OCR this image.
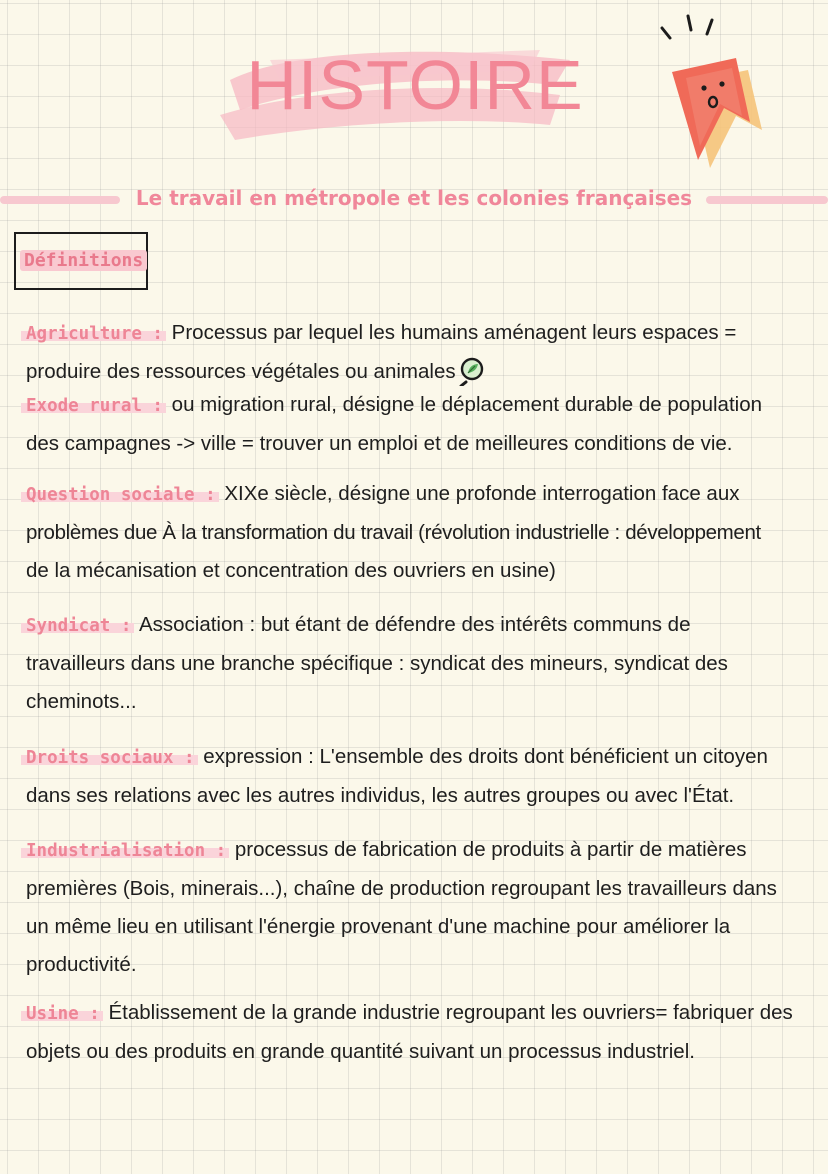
HISTOIRE
Le travail en métropole et les colonies françaises
Définitions
Agriculture : Processus par lequel les humains aménagent leurs espaces =
produire des ressources végétales ou animales
Exode rural : ou migration rural, désigne le déplacement durable de population
des campagnes -> ville = trouver un emploi et de meilleures conditions de vie.
Question sociale : XIXe siècle, désigne une profonde interrogation face aux
problèmes due À la transformation du travail (révolution industrielle : développement
de la mécanisation et concentration des ouvriers en usine)
Syndicat : Association : but étant de défendre des intérêts communs de
travailleurs dans une branche spécifique : syndicat des mineurs, syndicat des
cheminots...
Droits sociaux : expression : L'ensemble des droits dont bénéficient un citoyen
dans ses relations avec les autres individus, les autres groupes ou avec l'État.
Industrialisation : processus de fabrication de produits à partir de matières
premières (Bois, minerais...), chaîne de production regroupant les travailleurs dans
un même lieu en utilisant l'énergie provenant d'une machine pour améliorer la
productivité.
Usine : Établissement de la grande industrie regroupant les ouvriers= fabriquer des
objets ou des produits en grande quantité suivant un processus industriel.
